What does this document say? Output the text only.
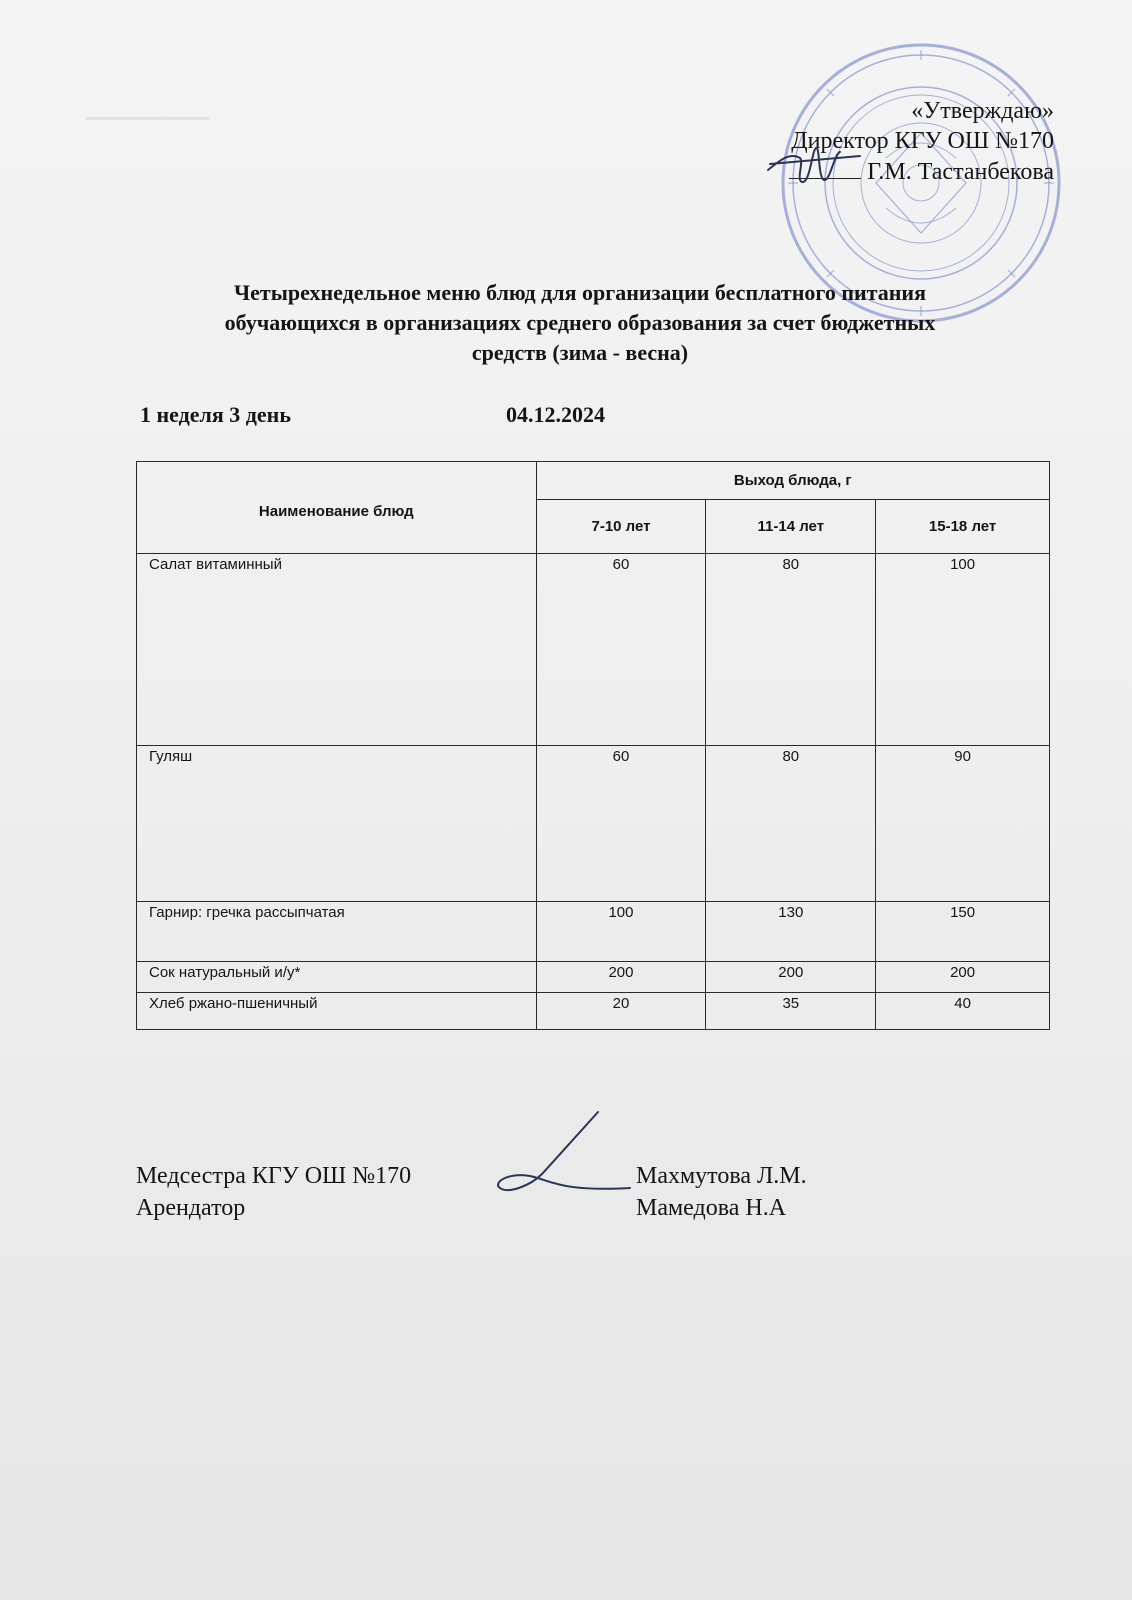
▁▁▁▁▁▁▁▁	«Утверждаю»
Директор КГУ ОШ №170
Г.М. Тастанбекова
Четырехнедельное меню блюд для организации бесплатного питания
обучающихся в организациях среднего образования за счет бюджетных
средств (зима - весна)
1 неделя 3 день	04.12.2024
Наименование блюд	Выход блюда, г		
	7-10 лет	11-14 лет	15-18 лет
Салат витаминный	60	80	100
Гуляш	60	80	90
Гарнир: гречка рассыпчатая	100	130	150
Сок натуральный и/у*	200	200	200
Хлеб ржано-пшеничный	20	35	40
Медсестра КГУ ОШ №170
Арендатор
Махмутова Л.М.
Мамедова Н.А
